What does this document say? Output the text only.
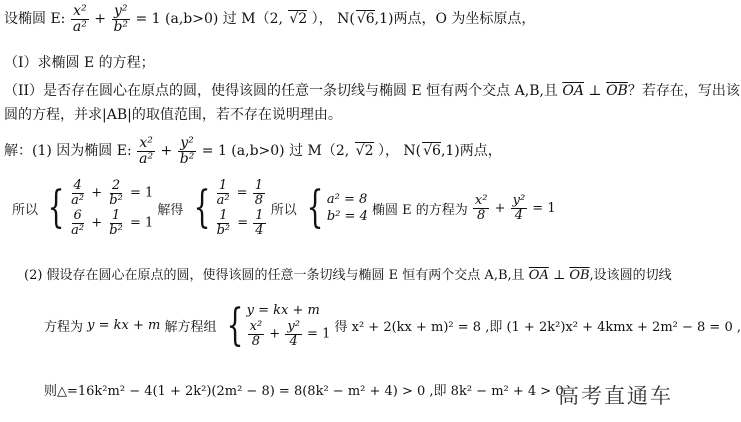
设椭圆 E: $\frac{\text{x²}}{\text{a²}} + \frac{\text{y²}}{\text{b²}} = 1$ (a,b>0) 过 M（2, √2 ）， N( √6,1)两点，O 为坐标原点，
（I）求椭圆 E 的方程；
（II）是否存在圆心在原点的圆，使得该圆的任意一条切线与椭圆 E 恒有两个交点 A,B,且 $\overline{OA}$ ⊥ $\overline{OB}$？若存在，写出该
圆的方程，并求|AB|的取值范围，若不存在说明理由。
解：(1) 因为椭圆 E: $\frac{\text{x²}}{\text{a²}} + \frac{\text{y²}}{\text{b²}} = 1$ (a,b>0) 过 M（2, √2 ）， N( √6,1)两点，
所以 { $\frac{4}{\text{a²}} + \frac{2}{\text{b²}} = 1$
$\frac{6}{\text{a²}} + \frac{1}{\text{b²}} = 1$
解得 { $\frac{1}{\text{a²}} = \frac{1}{8}$
$\frac{1}{\text{b²}} = \frac{1}{4}$ 所以 { a² = 8
b² = 4 椭圆 E 的方程为 $\frac{\text{x²}}{8} + \frac{\text{y²}}{4} = 1$
(2) 假设存在圆心在原点的圆，使得该圆的任意一条切线与椭圆 E 恒有两个交点 A,B,且 $\overline{OA}$ ⊥ $\overline{OB}$,设该圆的切线
方程为 y = kx + m 解方程组 { y = kx + m
$\frac{\text{x²}}{8} + \frac{\text{y²}}{4} = 1$ 得 x² + 2(kx + m)² = 8 ,即 (1 + 2k²)x² + 4kmx + 2m² − 8 = 0 ,
则△=16k²m² − 4(1 + 2k²)(2m² − 8) = 8(8k² − m² + 4) > 0 ,即 8k² − m² + 4 > 0
高考直通车
